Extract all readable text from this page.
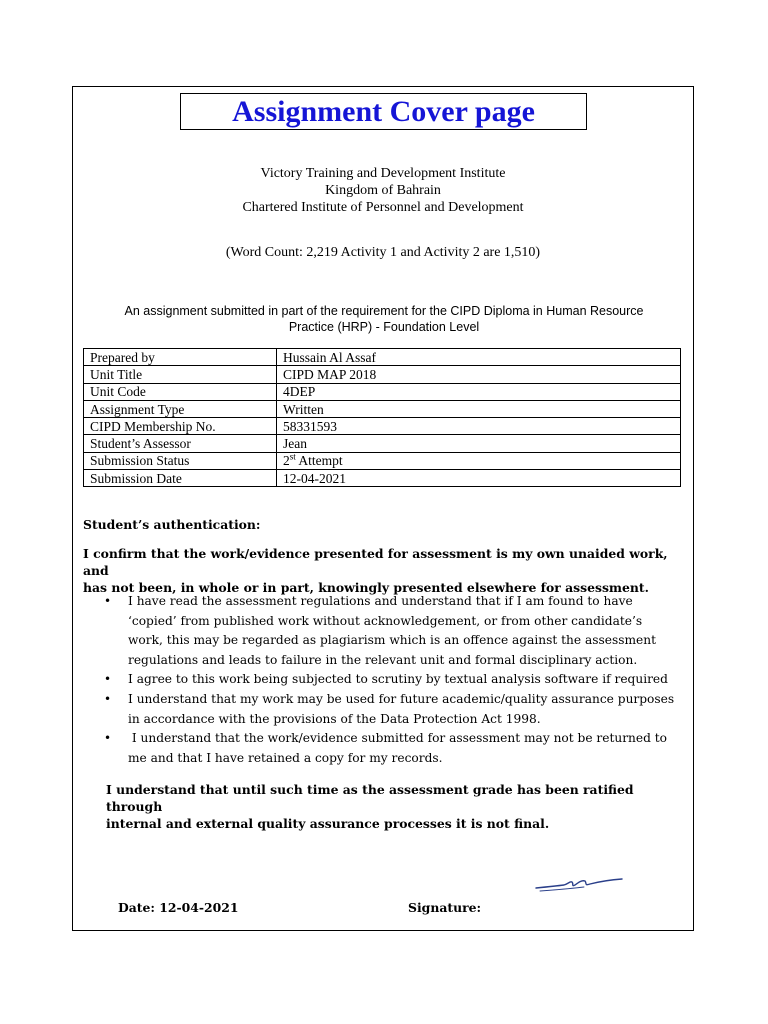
Assignment Cover page
Victory Training and Development Institute
Kingdom of Bahrain
Chartered Institute of Personnel and Development
(Word Count: 2,219 Activity 1 and Activity 2 are 1,510)
An assignment submitted in part of the requirement for the CIPD Diploma in Human Resource
Practice (HRP) - Foundation Level
Prepared by	Hussain Al Assaf
Unit Title	CIPD MAP 2018
Unit Code	4DEP
Assignment Type	Written
CIPD Membership No.	58331593
Student’s Assessor	Jean
Submission Status	2st Attempt
Submission Date	12-04-2021
Student’s authentication:
I confirm that the work/evidence presented for assessment is my own unaided work, and
has not been, in whole or in part, knowingly presented elsewhere for assessment.
• I have read the assessment regulations and understand that if I am found to have
‘copied’ from published work without acknowledgement, or from other candidate’s
work, this may be regarded as plagiarism which is an offence against the assessment
regulations and leads to failure in the relevant unit and formal disciplinary action.
• I agree to this work being subjected to scrutiny by textual analysis software if required
• I understand that my work may be used for future academic/quality assurance purposes
in accordance with the provisions of the Data Protection Act 1998.
• I understand that the work/evidence submitted for assessment may not be returned to
me and that I have retained a copy for my records.
I understand that until such time as the assessment grade has been ratified through
internal and external quality assurance processes it is not final.
Date: 12-04-2021	Signature:
